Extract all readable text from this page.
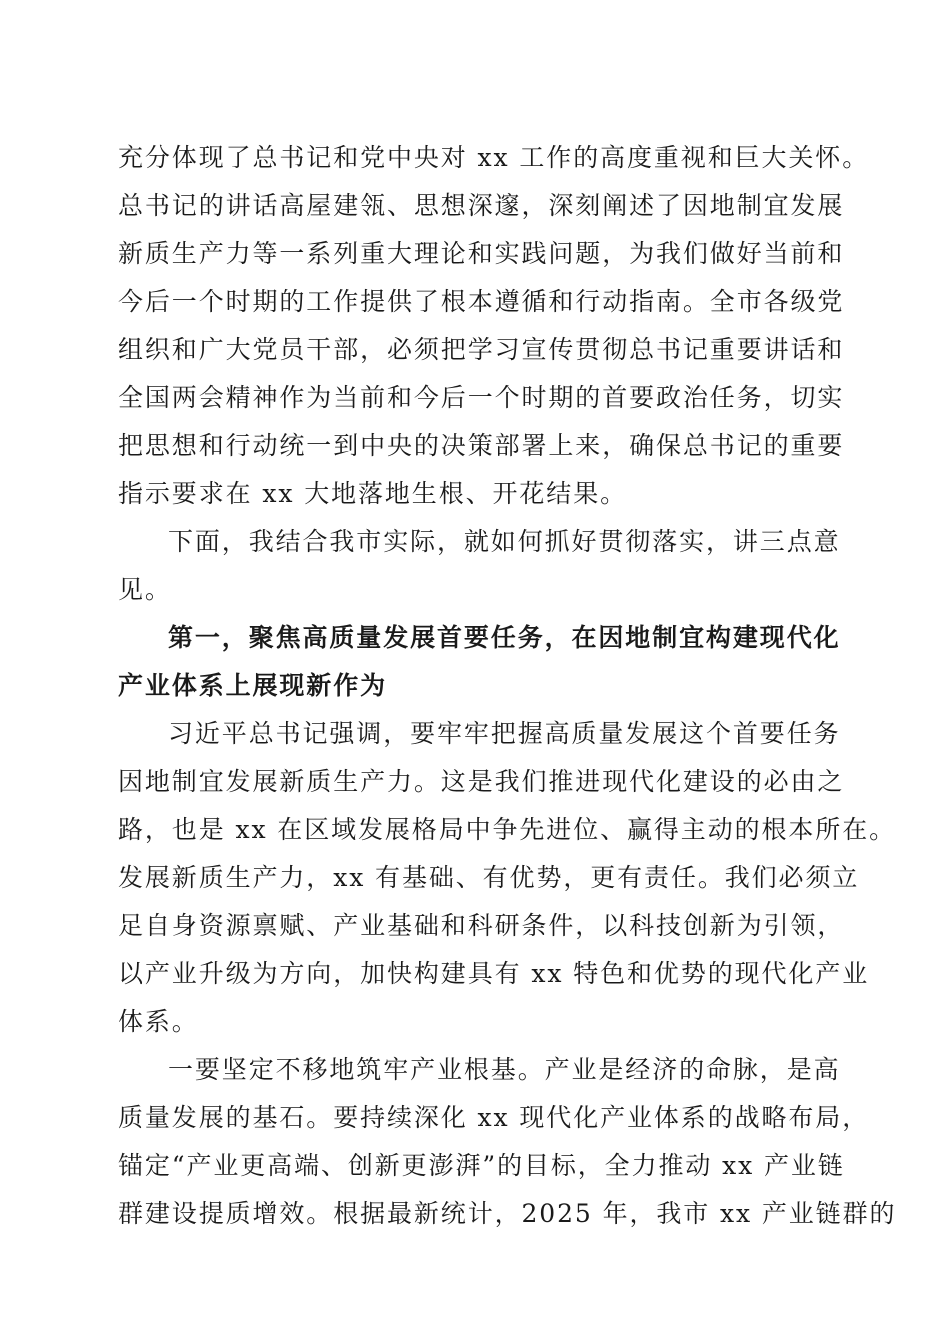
充分体现了总书记和党中央对 xx 工作的高度重视和巨大关怀。
总书记的讲话高屋建瓴、思想深邃，深刻阐述了因地制宜发展
新质生产力等一系列重大理论和实践问题，为我们做好当前和
今后一个时期的工作提供了根本遵循和行动指南。全市各级党
组织和广大党员干部，必须把学习宣传贯彻总书记重要讲话和
全国两会精神作为当前和今后一个时期的首要政治任务，切实
把思想和行动统一到中央的决策部署上来，确保总书记的重要
指示要求在 xx 大地落地生根、开花结果。
下面，我结合我市实际，就如何抓好贯彻落实，讲三点意
见。
第一，聚焦高质量发展首要任务，在因地制宜构建现代化
产业体系上展现新作为
习近平总书记强调，要牢牢把握高质量发展这个首要任务
因地制宜发展新质生产力。这是我们推进现代化建设的必由之
路，也是 xx 在区域发展格局中争先进位、赢得主动的根本所在。
发展新质生产力，xx 有基础、有优势，更有责任。我们必须立
足自身资源禀赋、产业基础和科研条件，以科技创新为引领，
以产业升级为方向，加快构建具有 xx 特色和优势的现代化产业
体系。
一要坚定不移地筑牢产业根基。产业是经济的命脉，是高
质量发展的基石。要持续深化 xx 现代化产业体系的战略布局，
锚定“产业更高端、创新更澎湃”的目标，全力推动 xx 产业链
群建设提质增效。根据最新统计，2025 年，我市 xx 产业链群的
